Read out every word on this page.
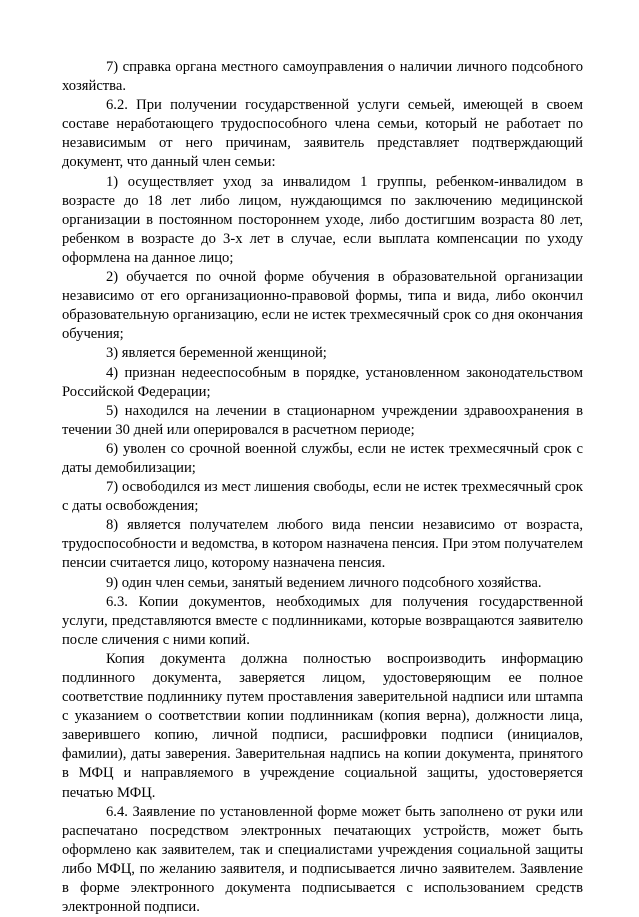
7) справка органа местного самоуправления о наличии личного подсобного хозяйства.

6.2. При получении государственной услуги семьей, имеющей в своем составе неработающего трудоспособного члена семьи, который не работает по независимым от него причинам, заявитель представляет подтверждающий документ, что данный член семьи:

1) осуществляет уход за инвалидом 1 группы, ребенком-инвалидом в возрасте до 18 лет либо лицом, нуждающимся по заключению медицинской организации в постоянном постороннем уходе, либо достигшим возраста 80 лет, ребенком в возрасте до 3-х лет в случае, если выплата компенсации по уходу оформлена на данное лицо;

2) обучается по очной форме обучения в образовательной организации независимо от его организационно-правовой формы, типа и вида, либо окончил образовательную организацию, если не истек трехмесячный срок со дня окончания обучения;

3) является беременной женщиной;

4) признан недееспособным в порядке, установленном законодательством Российской Федерации;

5) находился на лечении в стационарном учреждении здравоохранения в течении 30 дней или оперировался в расчетном периоде;

6) уволен со срочной военной службы, если не истек трехмесячный срок с даты демобилизации;

7) освободился из мест лишения свободы, если не истек трехмесячный срок с даты освобождения;

8) является получателем любого вида пенсии независимо от возраста, трудоспособности и ведомства, в котором назначена пенсия. При этом получателем пенсии считается лицо, которому назначена пенсия.

9) один член семьи, занятый ведением личного подсобного хозяйства.

6.3. Копии документов, необходимых для получения государственной услуги, представляются вместе с подлинниками, которые возвращаются заявителю после сличения с ними копий.

Копия документа должна полностью воспроизводить информацию подлинного документа, заверяется лицом, удостоверяющим ее полное соответствие подлиннику путем проставления заверительной надписи или штампа с указанием о соответствии копии подлинникам (копия верна), должности лица, заверившего копию, личной подписи, расшифровки подписи (инициалов, фамилии), даты заверения. Заверительная надпись на копии документа, принятого в МФЦ и направляемого в учреждение социальной защиты, удостоверяется печатью МФЦ.

6.4. Заявление по установленной форме может быть заполнено от руки или распечатано посредством электронных печатающих устройств, может быть оформлено как заявителем, так и специалистами учреждения социальной защиты либо МФЦ, по желанию заявителя, и подписывается лично заявителем. Заявление в форме электронного документа подписывается с использованием средств электронной подписи.
